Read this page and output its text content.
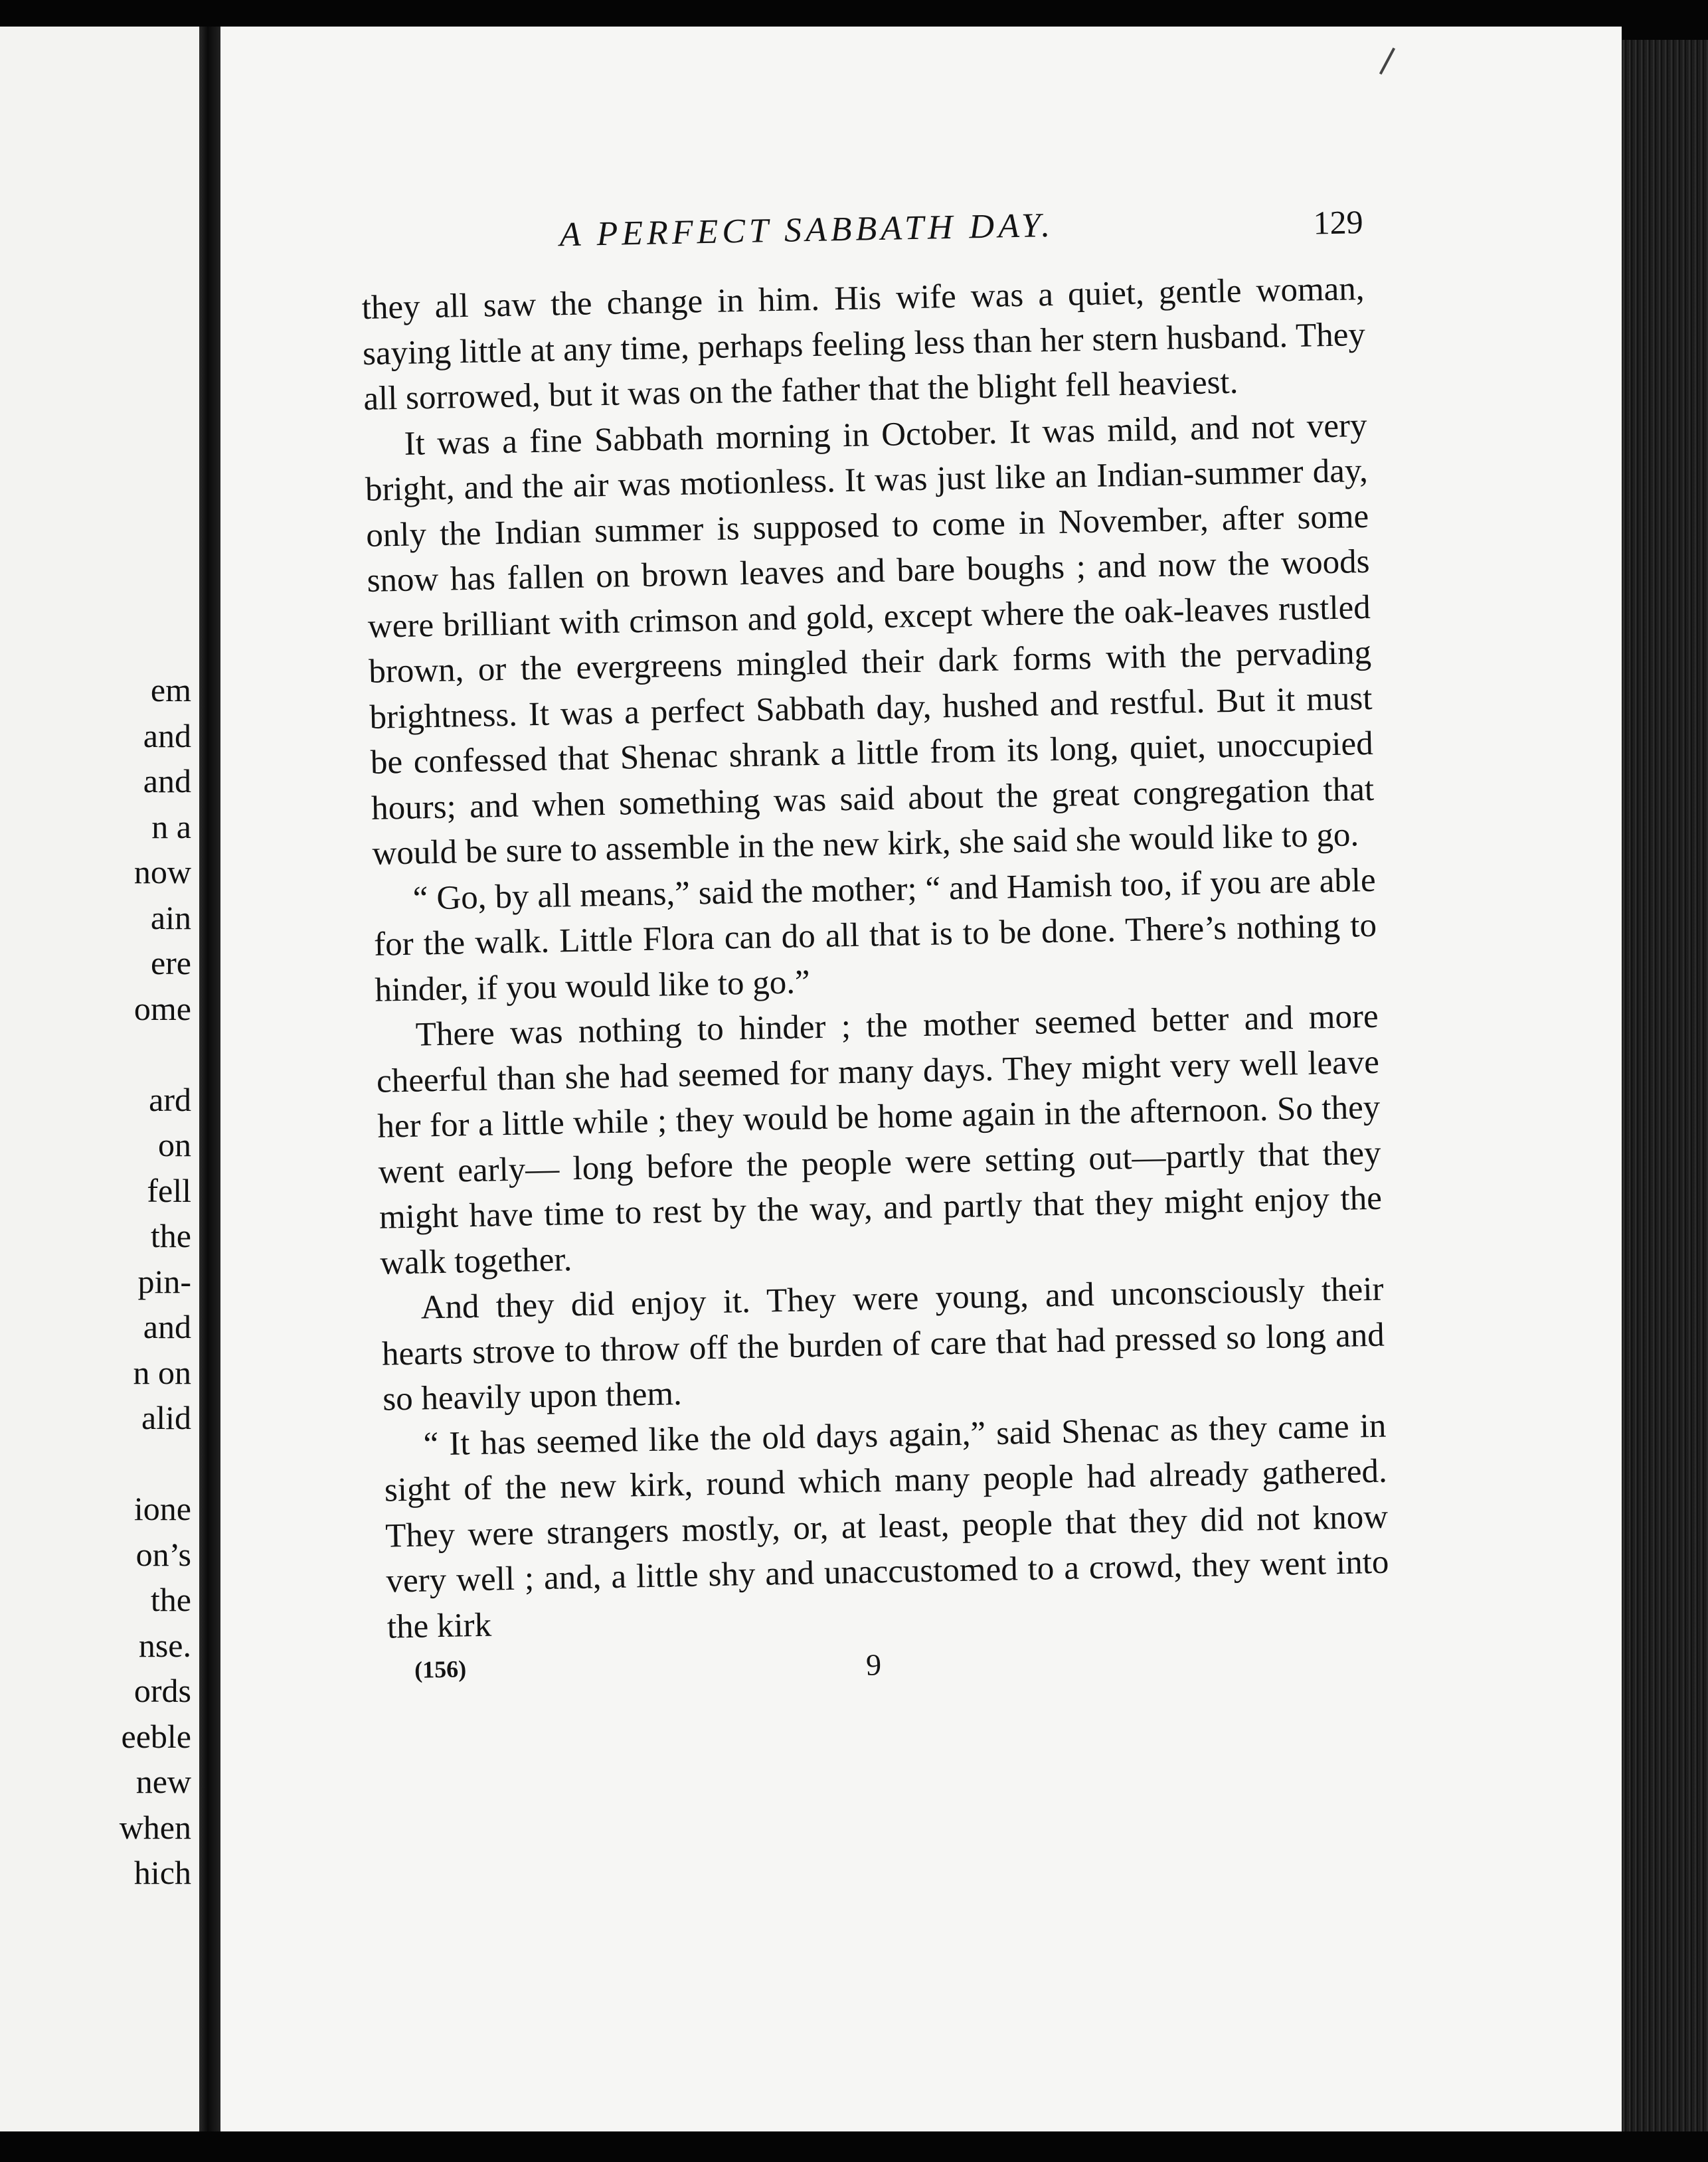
em
and
and
n a
now
ain
ere
ome
ard
on
fell
the
pin-
and
n on
alid
ione
on’s
the
nse.
ords
eeble
new
when
hich
A PERFECT SABBATH DAY.	129

they all saw the change in him. His wife was a quiet, gentle woman, saying little at any time, perhaps feeling less than her stern husband. They all sorrowed, but it was on the father that the blight fell heaviest.

It was a fine Sabbath morning in October. It was mild, and not very bright, and the air was motionless. It was just like an Indian-summer day, only the Indian summer is supposed to come in November, after some snow has fallen on brown leaves and bare boughs ; and now the woods were brilliant with crimson and gold, except where the oak-leaves rustled brown, or the evergreens mingled their dark forms with the pervading brightness. It was a perfect Sabbath day, hushed and restful. But it must be confessed that Shenac shrank a little from its long, quiet, unoccupied hours; and when something was said about the great congregation that would be sure to assemble in the new kirk, she said she would like to go.

“ Go, by all means,” said the mother; “ and Hamish too, if you are able for the walk. Little Flora can do all that is to be done. There’s nothing to hinder, if you would like to go.”

There was nothing to hinder ; the mother seemed better and more cheerful than she had seemed for many days. They might very well leave her for a little while ; they would be home again in the afternoon. So they went early— long before the people were setting out—partly that they might have time to rest by the way, and partly that they might enjoy the walk together.

And they did enjoy it. They were young, and unconsciously their hearts strove to throw off the burden of care that had pressed so long and so heavily upon them.

“ It has seemed like the old days again,” said Shenac as they came in sight of the new kirk, round which many people had already gathered. They were strangers mostly, or, at least, people that they did not know very well ; and, a little shy and unaccustomed to a crowd, they went into the kirk

(156)	9
